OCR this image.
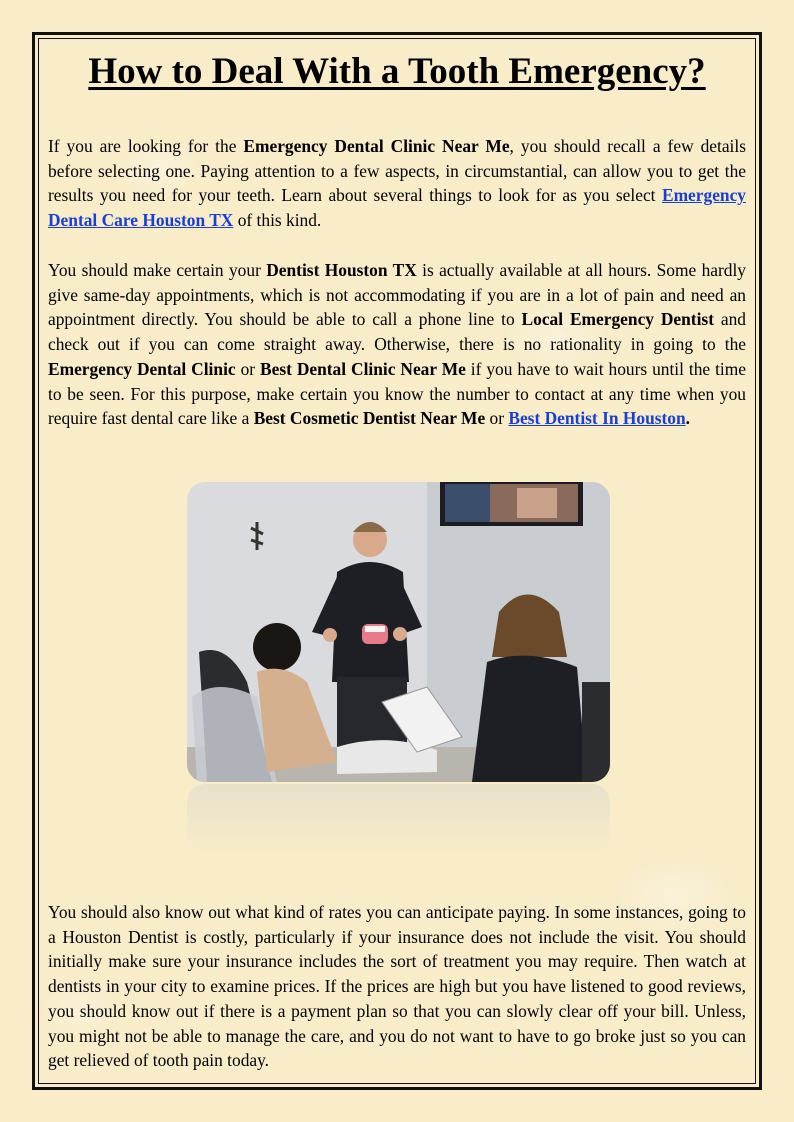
How to Deal With a Tooth Emergency?

If you are looking for the Emergency Dental Clinic Near Me, you should recall a few details before selecting one. Paying attention to a few aspects, in circumstantial, can allow you to get the results you need for your teeth. Learn about several things to look for as you select Emergency Dental Care Houston TX of this kind.

You should make certain your Dentist Houston TX is actually available at all hours. Some hardly give same-day appointments, which is not accommodating if you are in a lot of pain and need an appointment directly. You should be able to call a phone line to Local Emergency Dentist and check out if you can come straight away. Otherwise, there is no rationality in going to the Emergency Dental Clinic or Best Dental Clinic Near Me if you have to wait hours until the time to be seen. For this purpose, make certain you know the number to contact at any time when you require fast dental care like a Best Cosmetic Dentist Near Me or Best Dentist In Houston.

You should also know out what kind of rates you can anticipate paying. In some instances, going to a Houston Dentist is costly, particularly if your insurance does not include the visit. You should initially make sure your insurance includes the sort of treatment you may require. Then watch at dentists in your city to examine prices. If the prices are high but you have listened to good reviews, you should know out if there is a payment plan so that you can slowly clear off your bill. Unless, you might not be able to manage the care, and you do not want to have to go broke just so you can get relieved of tooth pain today.
